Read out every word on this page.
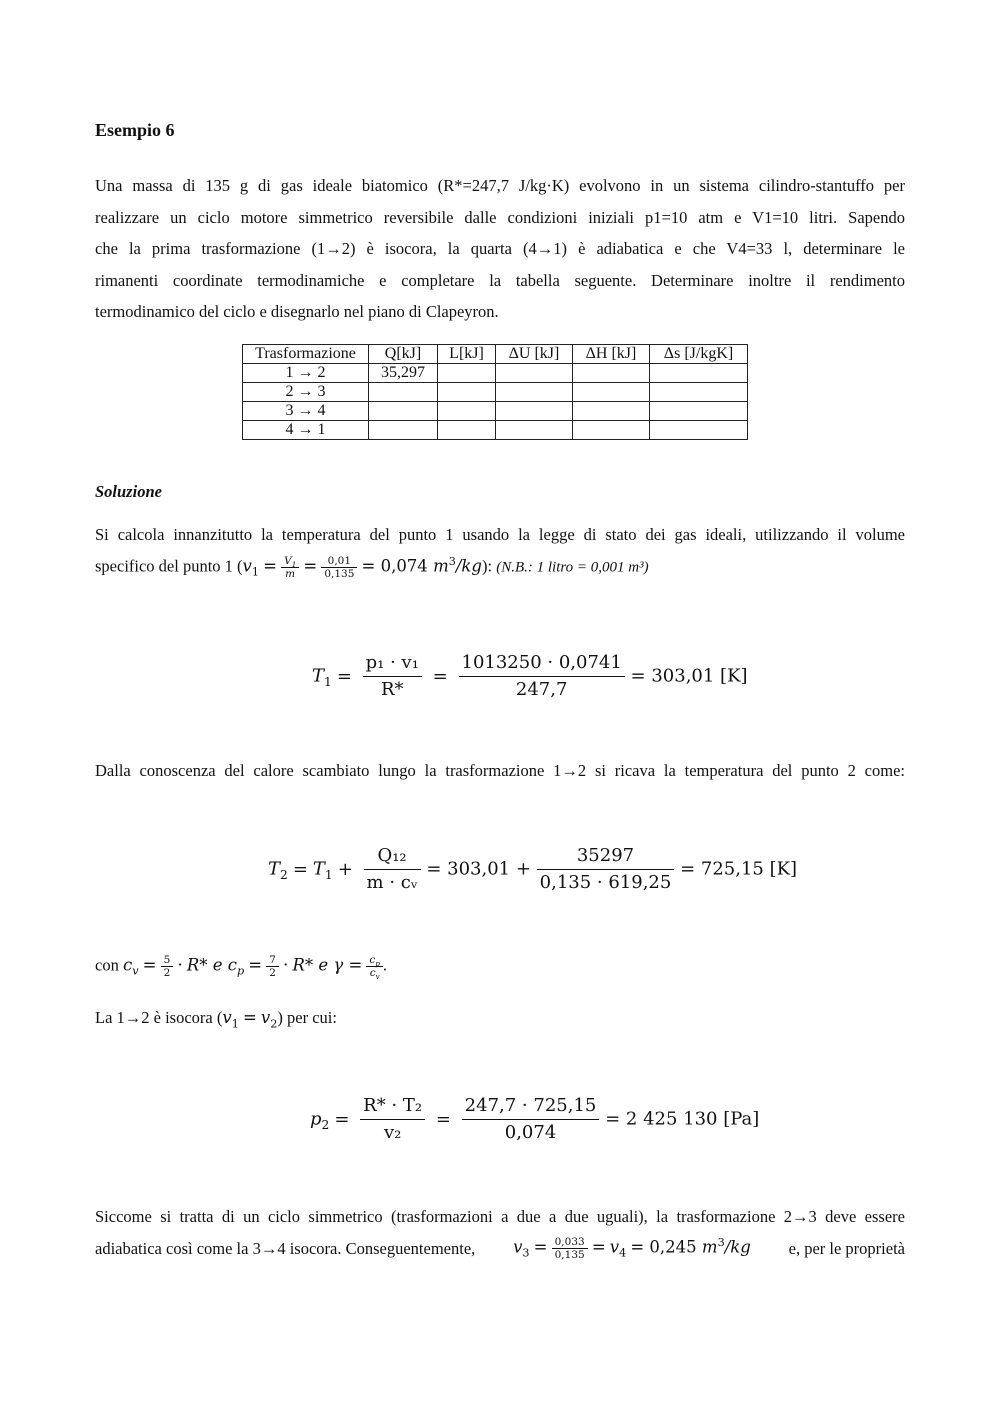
Esempio 6
Una massa di 135 g di gas ideale biatomico (R*=247,7 J/kg·K) evolvono in un sistema cilindro-stantuffo per
realizzare un ciclo motore simmetrico reversibile dalle condizioni iniziali p1=10 atm e V1=10 litri. Sapendo
che la prima trasformazione (1→2) è isocora, la quarta (4→1) è adiabatica e che V4=33 l, determinare le
rimanenti coordinate termodinamiche e completare la tabella seguente. Determinare inoltre il rendimento
termodinamico del ciclo e disegnarlo nel piano di Clapeyron.
Trasformazione	Q[kJ]	L[kJ]	ΔU [kJ]	ΔH [kJ]	Δs [J/kgK]
1 → 2	35,297				
2 → 3					
3 → 4					
4 → 1					
Soluzione
Si calcola innanzitutto la temperatura del punto 1 usando la legge di stato dei gas ideali, utilizzando il volume
specifico del punto 1 ($v_1 = \frac{V_1}{m} = \frac{0,01}{0,135} = 0,074$ $m^3/kg$): (N.B.: 1 litro = 0,001 m³)
$T_1 = \frac{\text{p₁ · v₁}}{R*} = \frac{1013250 \cdot 0,0741}{247,7} = 303,01$ [K]
Dalla conoscenza del calore scambiato lungo la trasformazione 1→2 si ricava la temperatura del punto 2 come:
$T_2 = T_1 + \frac{\text{Q₁₂}}{\text{m · cᵥ}} = 303,01 + \frac{35297}{0,135 \cdot 619,25} = 725,15$ [K]
con $c_v = \frac{5}{2} \cdot R*$ e $c_p = \frac{7}{2} \cdot R*$ e $\gamma = \frac{c_p}{c_v}$ .
La 1→2 è isocora $(v_1 = v_2)$ per cui:
$p_2 = \frac{\text{R* · T₂}}{\text{v₂}} = \frac{247,7 \cdot 725,15}{0,074} = 2$ 425 130 [Pa]
Siccome si tratta di un ciclo simmetrico (trasformazioni a due a due uguali), la trasformazione 2→3 deve essere
adiabatica così come la 3→4 isocora. Conseguentemente, $v_3 = \frac{0,033}{0,135} = v_4 = 0,245$ $m^3/kg$ e, per le proprietà
